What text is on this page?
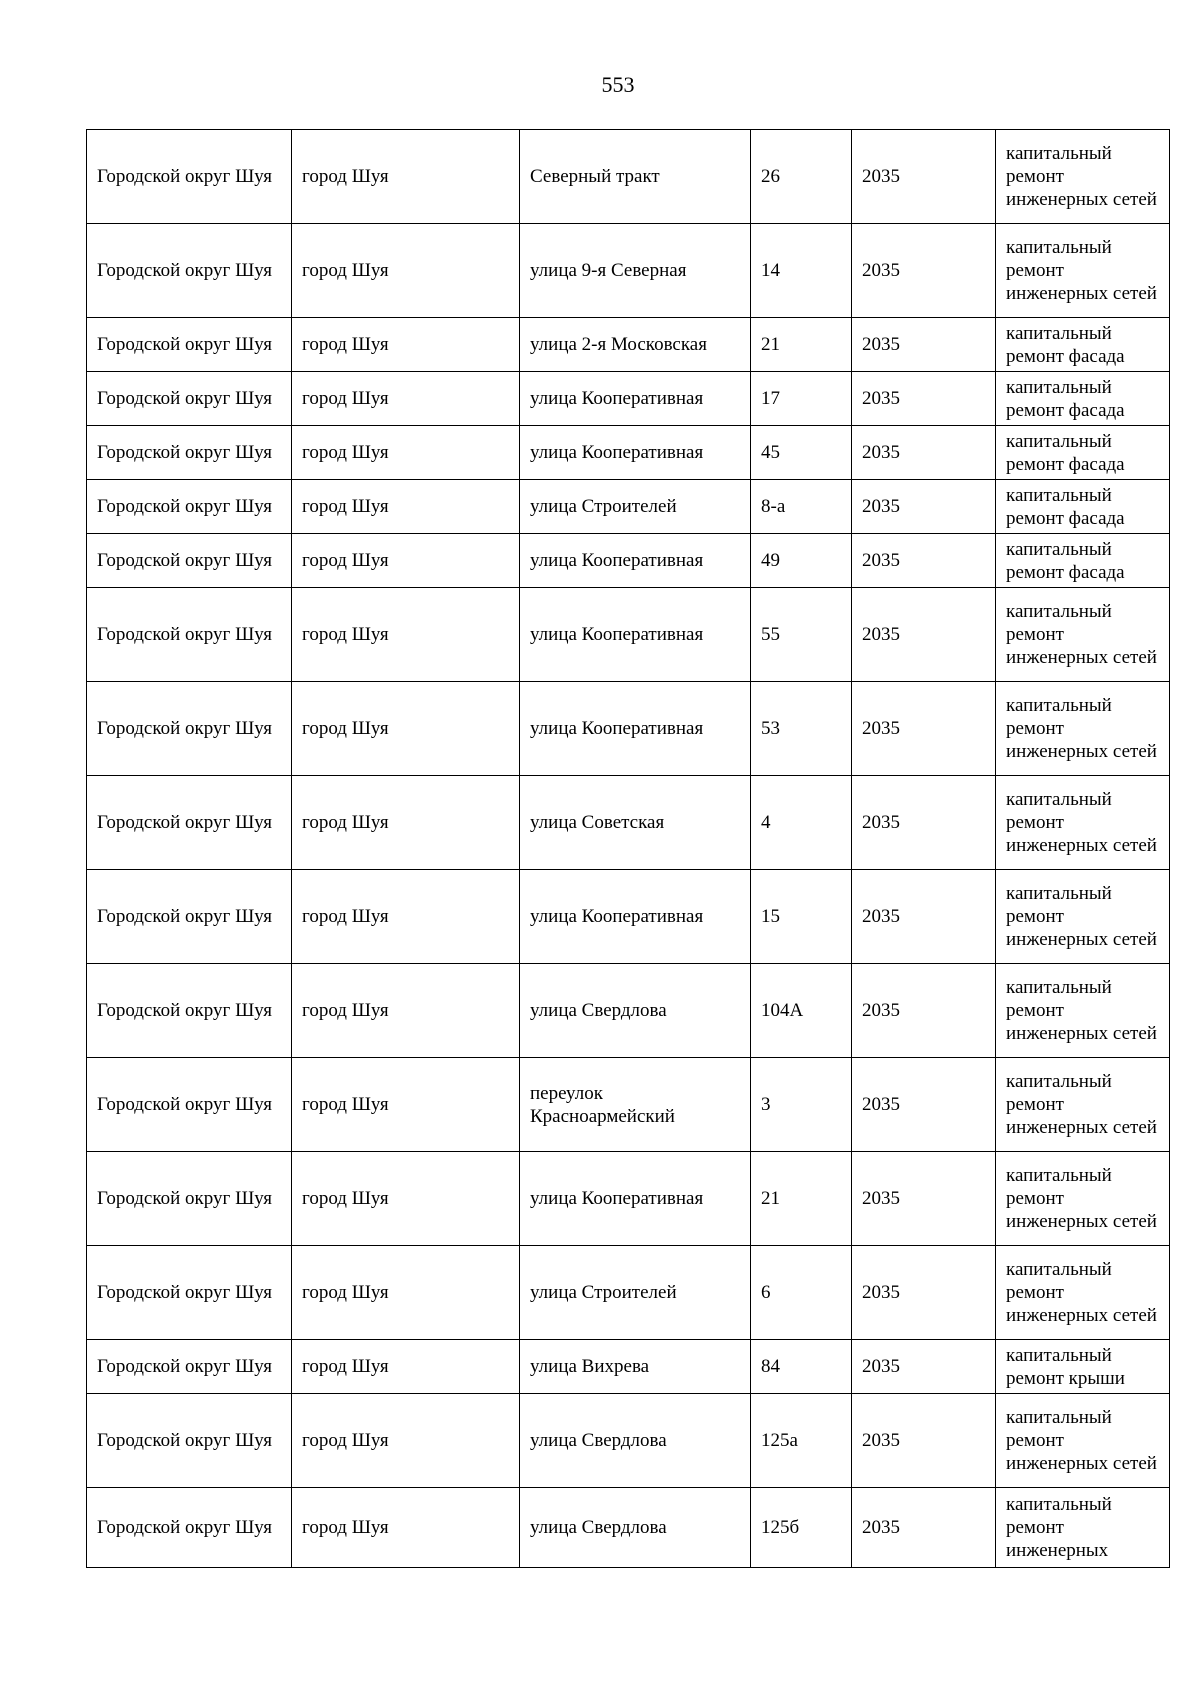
553
Городской округ Шуя	город Шуя	Северный тракт	26	2035	капитальный ремонт инженерных сетей
Городской округ Шуя	город Шуя	улица 9-я Северная	14	2035	капитальный ремонт инженерных сетей
Городской округ Шуя	город Шуя	улица 2-я Московская	21	2035	капитальный ремонт фасада
Городской округ Шуя	город Шуя	улица Кооперативная	17	2035	капитальный ремонт фасада
Городской округ Шуя	город Шуя	улица Кооперативная	45	2035	капитальный ремонт фасада
Городской округ Шуя	город Шуя	улица Строителей	8-а	2035	капитальный ремонт фасада
Городской округ Шуя	город Шуя	улица Кооперативная	49	2035	капитальный ремонт фасада
Городской округ Шуя	город Шуя	улица Кооперативная	55	2035	капитальный ремонт инженерных сетей
Городской округ Шуя	город Шуя	улица Кооперативная	53	2035	капитальный ремонт инженерных сетей
Городской округ Шуя	город Шуя	улица Советская	4	2035	капитальный ремонт инженерных сетей
Городской округ Шуя	город Шуя	улица Кооперативная	15	2035	капитальный ремонт инженерных сетей
Городской округ Шуя	город Шуя	улица Свердлова	104А	2035	капитальный ремонт инженерных сетей
Городской округ Шуя	город Шуя	переулок Красноармейский	3	2035	капитальный ремонт инженерных сетей
Городской округ Шуя	город Шуя	улица Кооперативная	21	2035	капитальный ремонт инженерных сетей
Городской округ Шуя	город Шуя	улица Строителей	6	2035	капитальный ремонт инженерных сетей
Городской округ Шуя	город Шуя	улица Вихрева	84	2035	капитальный ремонт крыши
Городской округ Шуя	город Шуя	улица Свердлова	125а	2035	капитальный ремонт инженерных сетей
Городской округ Шуя	город Шуя	улица Свердлова	125б	2035	капитальный ремонт инженерных
